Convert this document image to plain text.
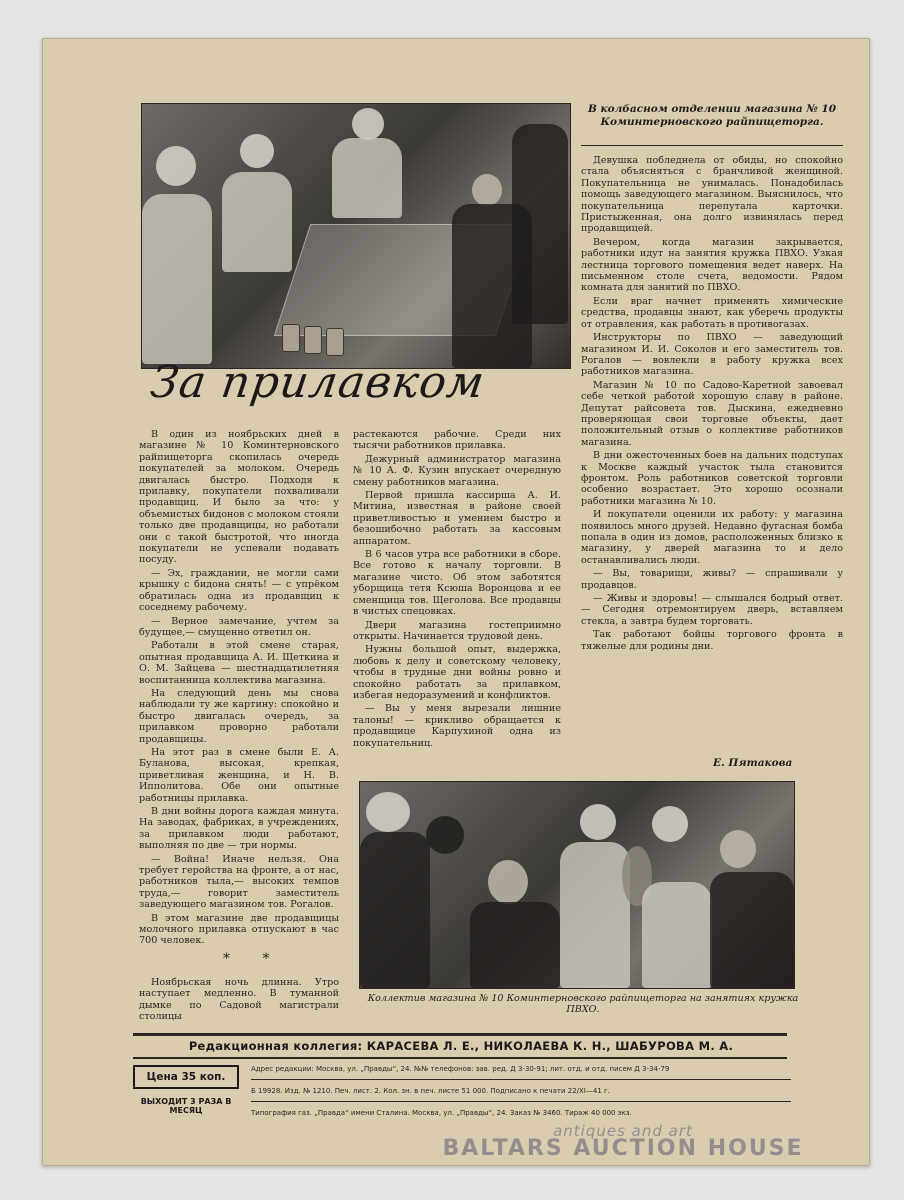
За прилавком
В колбасном отделении магазина № 10 Коминтерновского райпищеторга.

В один из ноябрьских дней в магазине № 10 Коминтерновского райпищеторга скопилась очередь покупателей за молоком. Очередь двигалась быстро. Подходя к прилавку, покупатели похваливали продавщиц. И было за что: у объемистых бидонов с молоком стояли только две продавщицы, но работали они с такой быстротой, что иногда покупатели не успевали подавать посуду.

— Эх, граждании, не могли сами крышку с бидона снять! — с упрёком обратилась одна из продавщиц к соседнему рабочему.

— Верное замечание, учтем за будущее,— смущенно ответил он.

Работали в этой смене старая, опытная продавщица А. И. Щеткина и О. М. Зайцева — шестнадцатилетняя воспитанница коллектива магазина.

На следующий день мы снова наблюдали ту же картину: спокойно и быстро двигалась очередь, за прилавком проворно работали продавщицы.

На этот раз в смене были Е. А. Буланова, высокая, крепкая, приветливая женщина, и Н. В. Ипполитова. Обе они опытные работницы прилавка.

В дни войны дорога каждая минута. На заводах, фабриках, в учреждениях, за прилавком люди работают, выполняя по две — три нормы.

— Война! Иначе нельзя. Она требует геройства на фронте, а от нас, работников тыла,— высоких темпов труда,— говорит заместитель заведующего магазином тов. Рогалов.

В этом магазине две продавщицы молочного прилавка отпускают в час 700 человек.

* *

Ноябрьская ночь длинна. Утро наступает медленно. В туманной дымке по Садовой магистрали столицы

растекаются рабочие. Среди них тысячи работников прилавка.

Дежурный администратор магазина № 10 А. Ф. Кузин впускает очередную смену работников магазина.

Первой пришла кассирша А. И. Митина, известная в районе своей приветливостью и умением быстро и безошибочно работать за кассовым аппаратом.

В 6 часов утра все работники в сборе. Все готово к началу торговли. В магазине чисто. Об этом заботятся уборщица тетя Ксюша Воронцова и ее сменщица тов. Щеголова. Все продавцы в чистых спецовках.

Двери магазина гостеприимно открыты. Начинается трудовой день.

Нужны большой опыт, выдержка, любовь к делу и советскому человеку, чтобы в трудные дни войны ровно и спокойно работать за прилавком, избегая недоразумений и конфликтов.

— Вы у меня вырезали лишние талоны! — крикливо обращается к продавщице Карпухиной одна из покупательниц.

Девушка побледнела от обиды, но спокойно стала объясняться с бранчливой женщиной. Покупательница не унималась. Понадобилась помощь заведующего магазином. Выяснилось, что покупательница перепутала карточки. Пристыженная, она долго извинялась перед продавщицей.

Вечером, когда магазин закрывается, работники идут на занятия кружка ПВХО. Узкая лестница торгового помещения ведет наверх. На письменном столе счета, ведомости. Рядом комната для занятий по ПВХО.

Если враг начнет применять химические средства, продавцы знают, как уберечь продукты от отравления, как работать в противогазах.

Инструкторы по ПВХО — заведующий магазином И. И. Соколов и его заместитель тов. Рогалов — вовлекли в работу кружка всех работников магазина.

Магазин № 10 по Садово-Каретной завоевал себе четкой работой хорошую славу в районе. Депутат райсовета тов. Дыскина, ежедневно проверяющая свои торговые объекты, дает положительный отзыв о коллективе работников магазина.

В дни ожесточенных боев на дальних подступах к Москве каждый участок тыла становится фронтом. Роль работников советской торговли особенно возрастает. Это хорошо осознали работники магазина № 10.

И покупатели оценили их работу: у магазина появилось много друзей. Недавно фугасная бомба попала в один из домов, расположенных близко к магазину, у дверей магазина то и дело останавливались люди.

— Вы, товарищи, живы? — спрашивали у продавцов.

— Живы и здоровы! — слышался бодрый ответ.— Сегодня отремонтируем дверь, вставляем стекла, а завтра будем торговать.

Так работают бойцы торгового фронта в тяжелые для родины дни.

Е. Пятакова
Коллектив магазина № 10 Коминтерновского райпищеторга на занятиях кружка ПВХО.
Редакционная коллегия: КАРАСЕВА Л. Е., НИКОЛАЕВА К. Н., ШАБУРОВА М. А.
Цена 35 коп.
ВЫХОДИТ 3 РАЗА В МЕСЯЦ
Адрес редакции: Москва, ул. „Правды“, 24. №№ телефонов: зав. ред. Д 3-30-91; лит. отд. и отд. писем Д 3-34-79
Б 19928. Изд. № 1210. Печ. лист. 2. Кол. зн. в печ. листе 51 000. Подписано к печати 22/XI—41 г.
Типография газ. „Правда“ имени Сталина. Москва, ул. „Правды“, 24. Заказ № 3460. Тираж 40 000 экз.
antiques and art
BALTARS AUCTION HOUSE
